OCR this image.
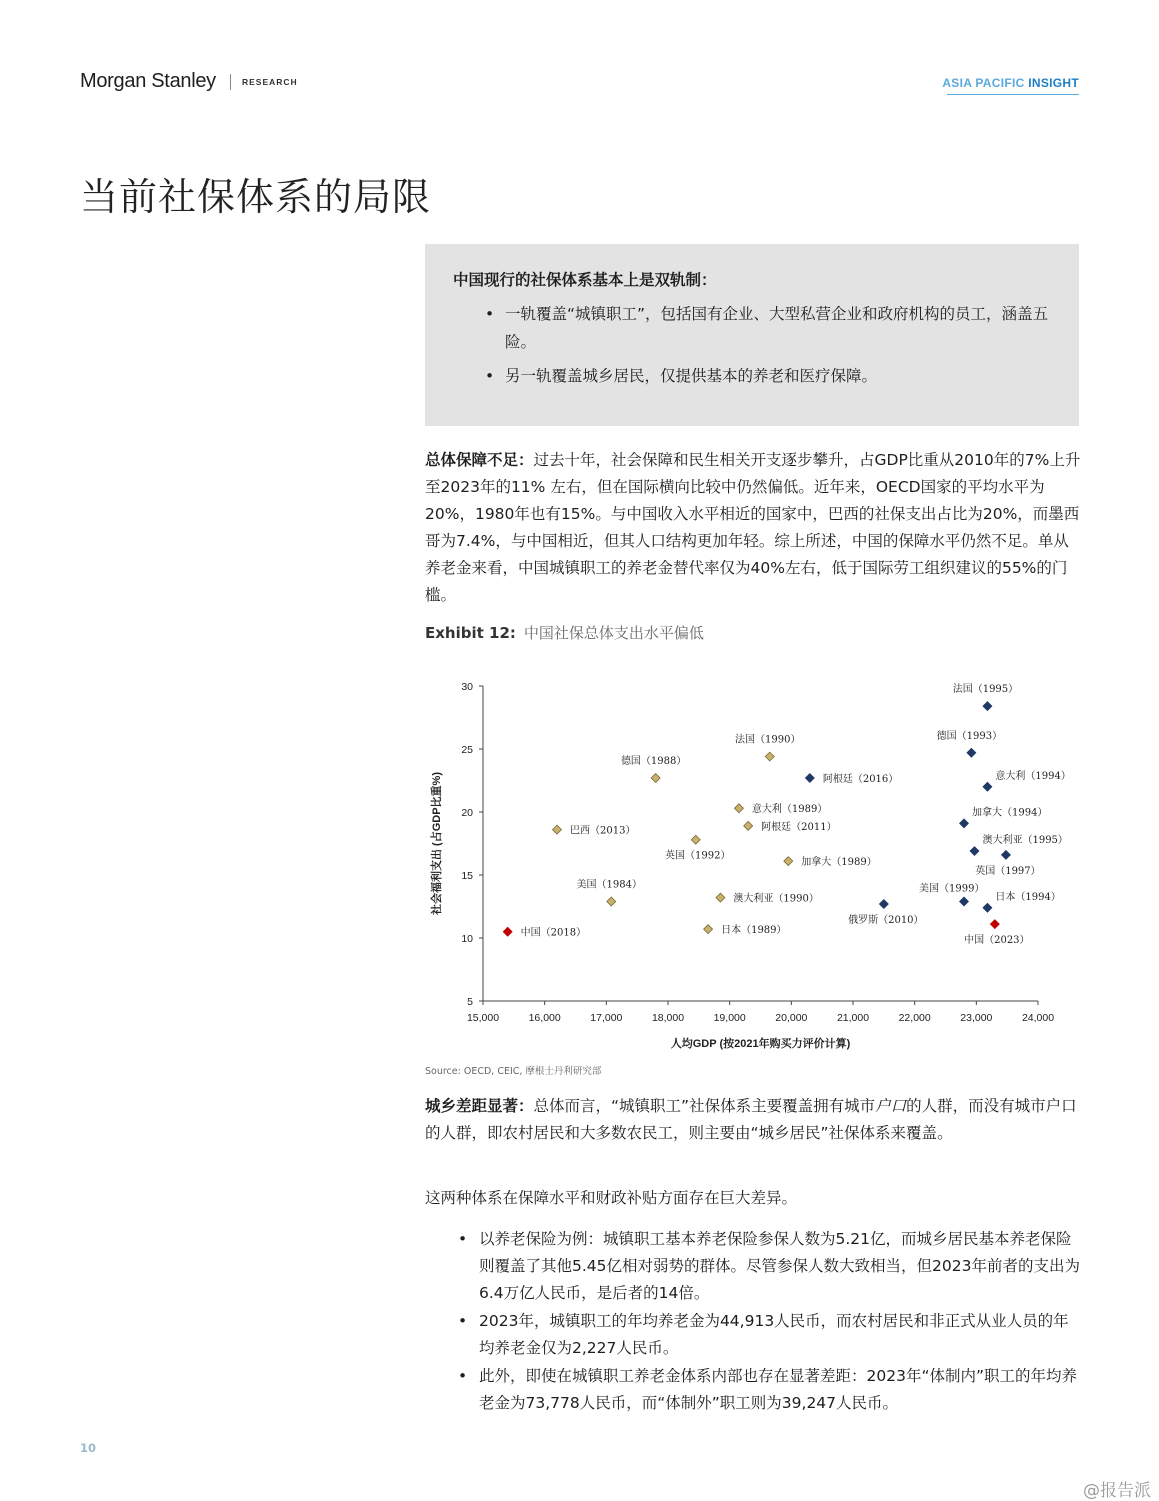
Morgan Stanley	RESEARCH	ASIA PACIFIC INSIGHT
当前社保体系的局限
中国现行的社保体系基本上是双轨制：
• 一轨覆盖“城镇职工”，包括国有企业、大型私营企业和政府机构的员工，涵盖五险。
• 另一轨覆盖城乡居民，仅提供基本的养老和医疗保障。
总体保障不足：过去十年，社会保障和民生相关开支逐步攀升，占GDP比重从2010年的7%上升至2023年的11% 左右，但在国际横向比较中仍然偏低。近年来，OECD国家的平均水平为20%，1980年也有15%。与中国收入水平相近的国家中，巴西的社保支出占比为20%，而墨西哥为7.4%，与中国相近，但其人口结构更加年轻。综上所述，中国的保障水平仍然不足。单从养老金来看，中国城镇职工的养老金替代率仅为40%左右，低于国际劳工组织建议的55%的门槛。
Exhibit 12: 中国社保总体支出水平偏低
5
10
15
20
25
30
15,000	16,000	17,000	18,000	19,000	20,000	21,000	22,000	23,000	24,000
中国（2018）
中国（2023）
巴西（2013）
美国（1984）
德国（1988）
英国（1992）
日本（1989）
澳大利亚（1990）
意大利（1989）
阿根廷（2011）
法国（1990）
加拿大（1989）
阿根廷（2016）
俄罗斯（2010）
法国（1995）
德国（1993）
意大利（1994）
加拿大（1994）
澳大利亚（1995）
英国（1997）
美国（1999）
日本（1994）
人均GDP (按2021年购买力评价计算)
社会福利支出 (占GDP比重%)
Source: OECD, CEIC, 摩根士丹利研究部
城乡差距显著：总体而言，“城镇职工”社保体系主要覆盖拥有城市户口的人群，而没有城市户口的人群，即农村居民和大多数农民工，则主要由“城乡居民”社保体系来覆盖。
这两种体系在保障水平和财政补贴方面存在巨大差异。
• 以养老保险为例：城镇职工基本养老保险参保人数为5.21亿，而城乡居民基本养老保险则覆盖了其他5.45亿相对弱势的群体。尽管参保人数大致相当，但2023年前者的支出为6.4万亿人民币，是后者的14倍。
• 2023年，城镇职工的年均养老金为44,913人民币，而农村居民和非正式从业人员的年均养老金仅为2,227人民币。
• 此外，即使在城镇职工养老金体系内部也存在显著差距：2023年“体制内”职工的年均养老金为73,778人民币，而“体制外”职工则为39,247人民币。
10
@报告派
